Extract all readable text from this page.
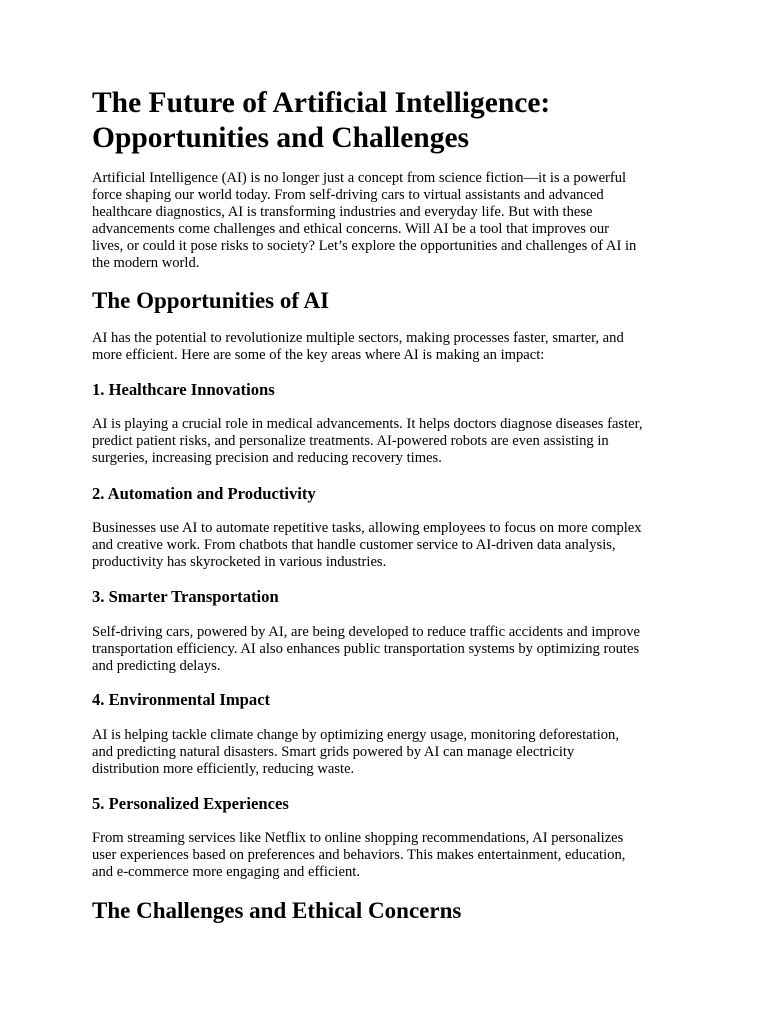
The Future of Artificial Intelligence:
Opportunities and Challenges

Artificial Intelligence (AI) is no longer just a concept from science fiction—it is a powerful
force shaping our world today. From self-driving cars to virtual assistants and advanced
healthcare diagnostics, AI is transforming industries and everyday life. But with these
advancements come challenges and ethical concerns. Will AI be a tool that improves our
lives, or could it pose risks to society? Let’s explore the opportunities and challenges of AI in
the modern world.

The Opportunities of AI

AI has the potential to revolutionize multiple sectors, making processes faster, smarter, and
more efficient. Here are some of the key areas where AI is making an impact:

1. Healthcare Innovations

AI is playing a crucial role in medical advancements. It helps doctors diagnose diseases faster,
predict patient risks, and personalize treatments. AI-powered robots are even assisting in
surgeries, increasing precision and reducing recovery times.

2. Automation and Productivity

Businesses use AI to automate repetitive tasks, allowing employees to focus on more complex
and creative work. From chatbots that handle customer service to AI-driven data analysis,
productivity has skyrocketed in various industries.

3. Smarter Transportation

Self-driving cars, powered by AI, are being developed to reduce traffic accidents and improve
transportation efficiency. AI also enhances public transportation systems by optimizing routes
and predicting delays.

4. Environmental Impact

AI is helping tackle climate change by optimizing energy usage, monitoring deforestation,
and predicting natural disasters. Smart grids powered by AI can manage electricity
distribution more efficiently, reducing waste.

5. Personalized Experiences

From streaming services like Netflix to online shopping recommendations, AI personalizes
user experiences based on preferences and behaviors. This makes entertainment, education,
and e-commerce more engaging and efficient.

The Challenges and Ethical Concerns
